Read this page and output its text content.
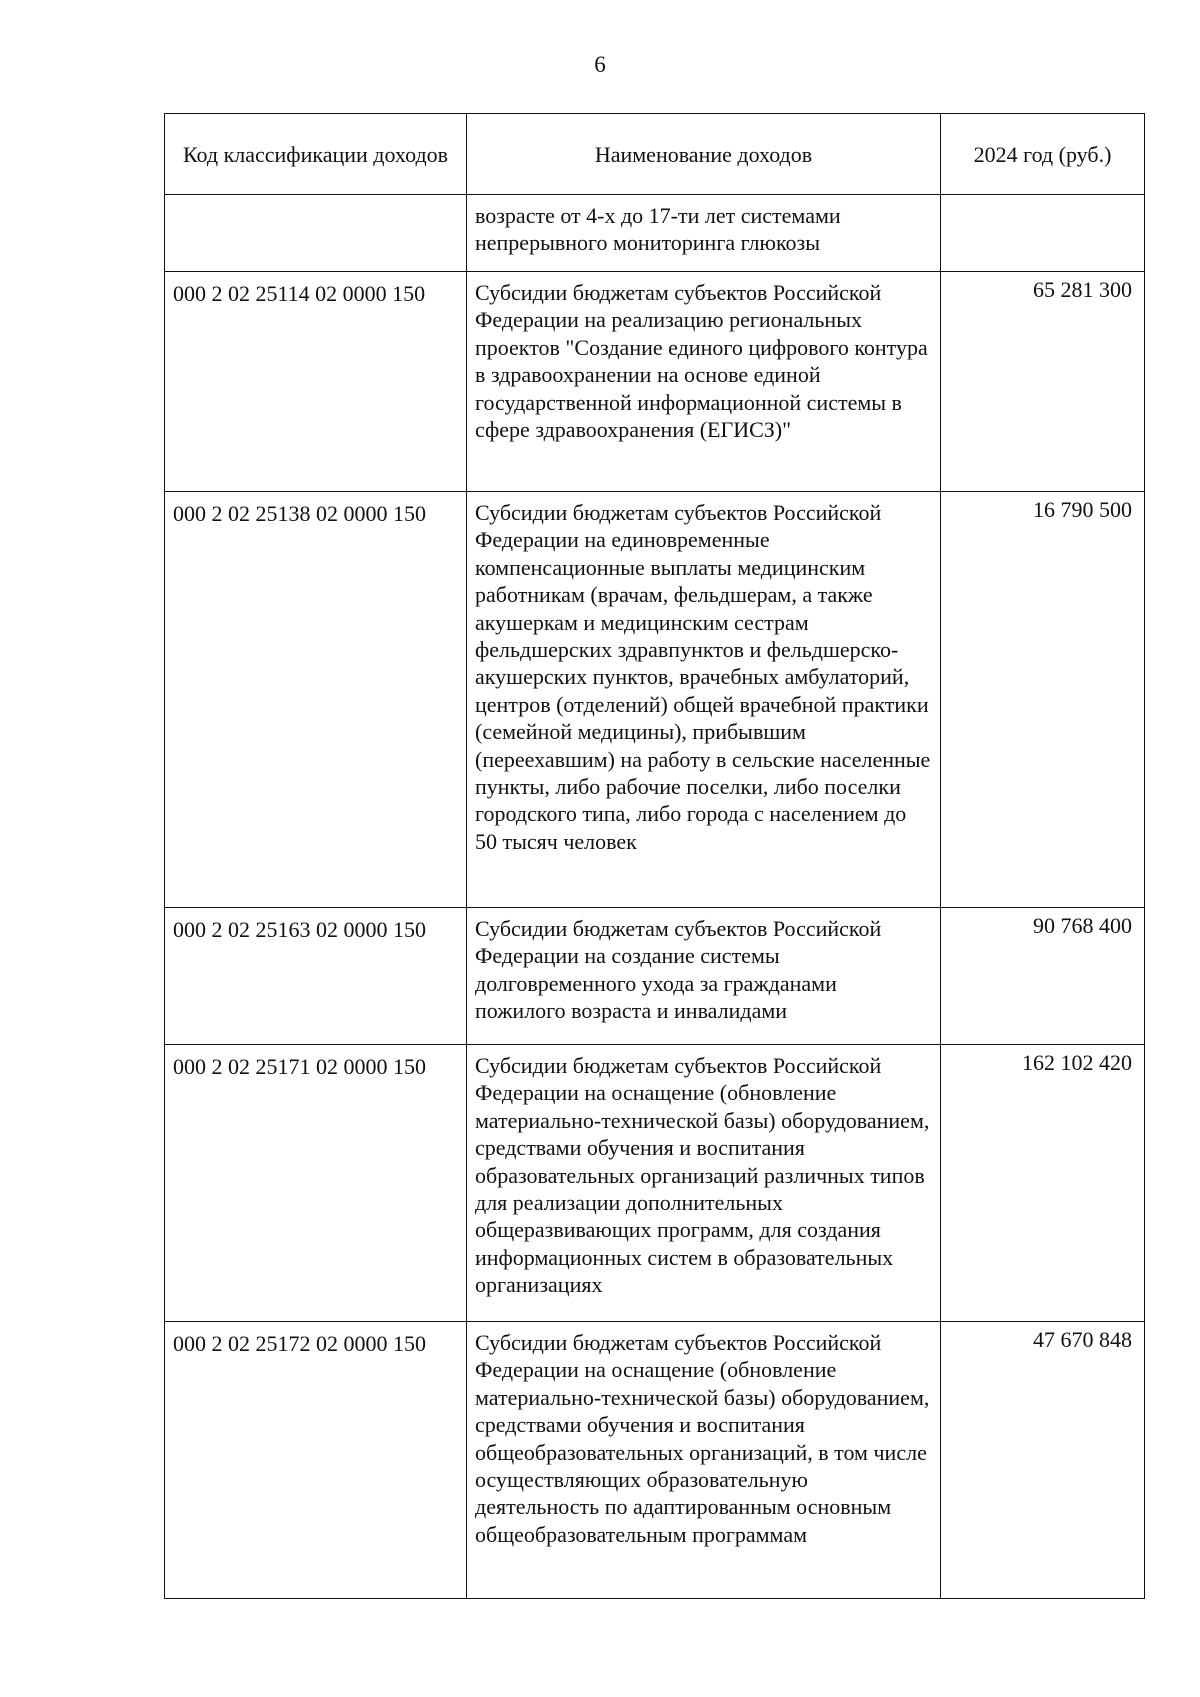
6
Код классификации доходов	Наименование доходов	2024 год (руб.)
	возрасте от 4-х до 17-ти лет системами непрерывного мониторинга глюкозы	
000 2 02 25114 02 0000 150	Субсидии бюджетам субъектов Российской Федерации на реализацию региональных проектов "Создание единого цифрового контура в здравоохранении на основе единой государственной информационной системы в сфере здравоохранения (ЕГИСЗ)"	65 281 300
000 2 02 25138 02 0000 150	Субсидии бюджетам субъектов Российской Федерации на единовременные компенсационные выплаты медицинским работникам (врачам, фельдшерам, а также акушеркам и медицинским сестрам фельдшерских здравпунктов и фельдшерско-акушерских пунктов, врачебных амбулаторий, центров (отделений) общей врачебной практики (семейной медицины), прибывшим (переехавшим) на работу в сельские населенные пункты, либо рабочие поселки, либо поселки городского типа, либо города с населением до 50 тысяч человек	16 790 500
000 2 02 25163 02 0000 150	Субсидии бюджетам субъектов Российской Федерации на создание системы долговременного ухода за гражданами пожилого возраста и инвалидами	90 768 400
000 2 02 25171 02 0000 150	Субсидии бюджетам субъектов Российской Федерации на оснащение (обновление материально-технической базы) оборудованием, средствами обучения и воспитания образовательных организаций различных типов для реализации дополнительных общеразвивающих программ, для создания информационных систем в образовательных организациях	162 102 420
000 2 02 25172 02 0000 150	Субсидии бюджетам субъектов Российской Федерации на оснащение (обновление материально-технической базы) оборудованием, средствами обучения и воспитания общеобразовательных организаций, в том числе осуществляющих образовательную деятельность по адаптированным основным общеобразовательным программам	47 670 848
